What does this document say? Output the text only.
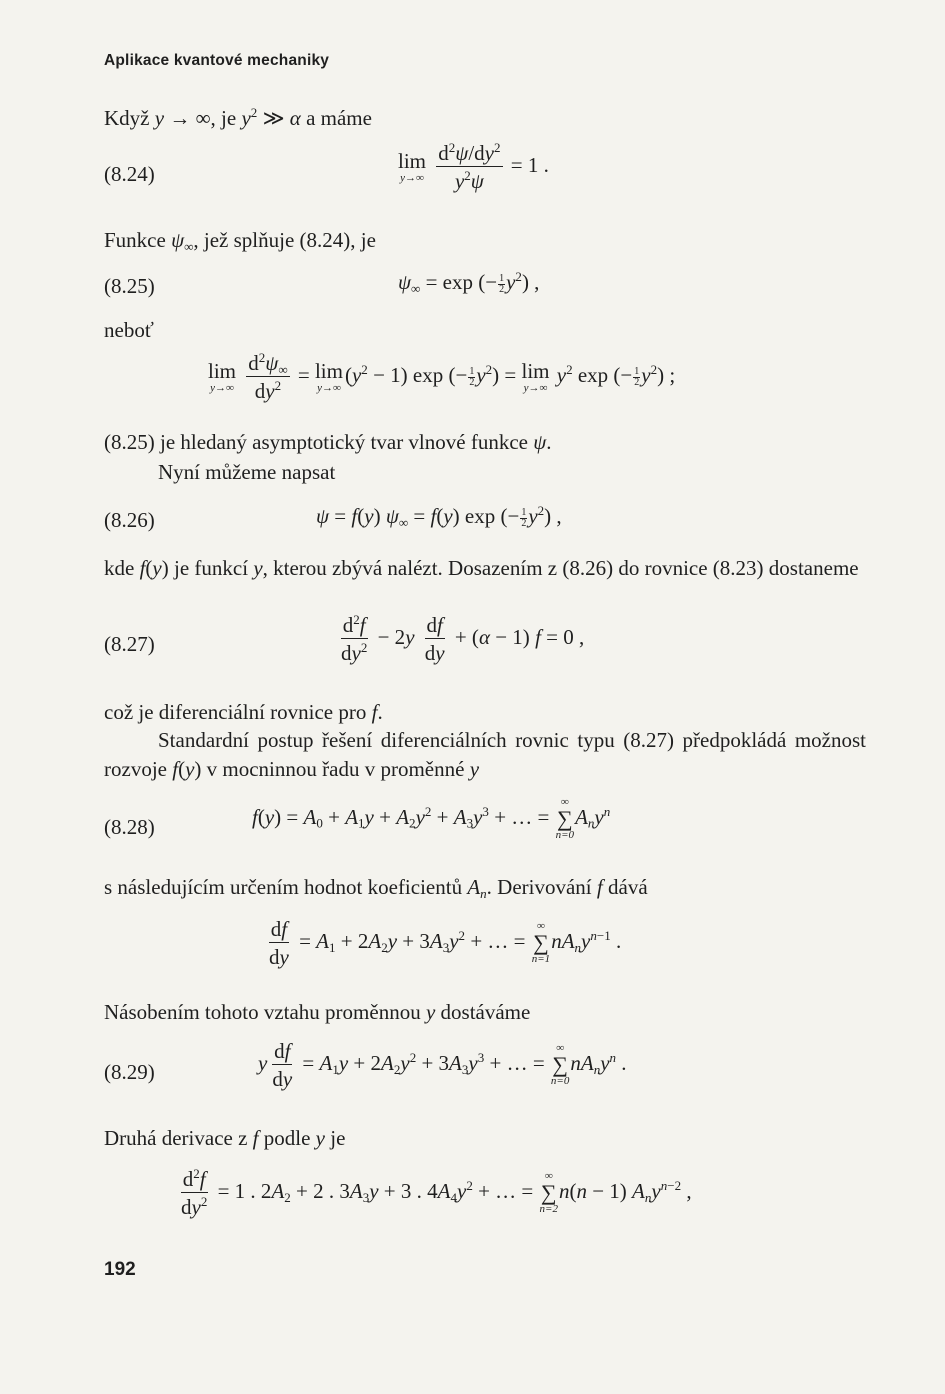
Aplikace kvantové mechaniky
Když y → ∞, je $y^2$ ≫ α a máme
(8.24)
lim
y→∞
$\frac{d^2\psi/dy^2}{y^2\psi} = 1$ .
Funkce $\psi_\infty$, jež splňuje (8.24), je
(8.25)	$\psi_\infty = \exp$ (− $\frac{1}{2} y^2$) ,
neboť
lim
y→∞
$\frac{d^2\psi_\infty}{dy^2} = \lim$
y→∞
$(y^2 - 1)$ exp (− $\frac{1}{2} y^2) = \lim$
y→∞
$y^2$ exp (− $\frac{1}{2} y^2$) ;
(8.25) je hledaný asymptotický tvar vlnové funkce ψ.
Nyní můžeme napsat
(8.26)	ψ = f(y) $\psi_\infty = f(y)$ exp (− $\frac{1}{2} y^2$) ,
kde f(y) je funkcí y, kterou zbývá nalézt. Dosazením z (8.26) do rovnice (8.23) dostaneme
(8.27)	$\frac{d^2f}{dy^2} - 2y \frac{df}{dy} + (\alpha - 1) f = 0$ ,
což je diferenciální rovnice pro f.
Standardní postup řešení diferenciálních rovnic typu (8.27) předpokládá možnost rozvoje f(y) v mocninnou řadu v proměnné y
(8.28)	$f(y) = A_0 + A_1y + A_2y^2 + A_3y^3$ + … =
∞
∑
n=0
$A_ny^n$
s následujícím určením hodnot koeficientů $A_n$. Derivování f dává
$\frac{df}{dy} = A_1 + 2A_2y + 3A_3y^2$ + … =
∞
∑
n=1
$nA_ny^{n-1}$ .
Násobením tohoto vztahu proměnnou y dostáváme
(8.29)	y $\frac{df}{dy} = A_1y + 2A_2y^2 + 3A_3y^3$ + … =
∞
∑
n=0
$nA_ny^n$ .
Druhá derivace z f podle y je
$\frac{d^2f}{dy^2} = 1$ . $2A_2 + 2$ . $3A_3y + 3$ . $4A_4y^2$ + … =
∞
∑
n=2
n(n − 1) $A_ny^{n-2}$ ,
192
